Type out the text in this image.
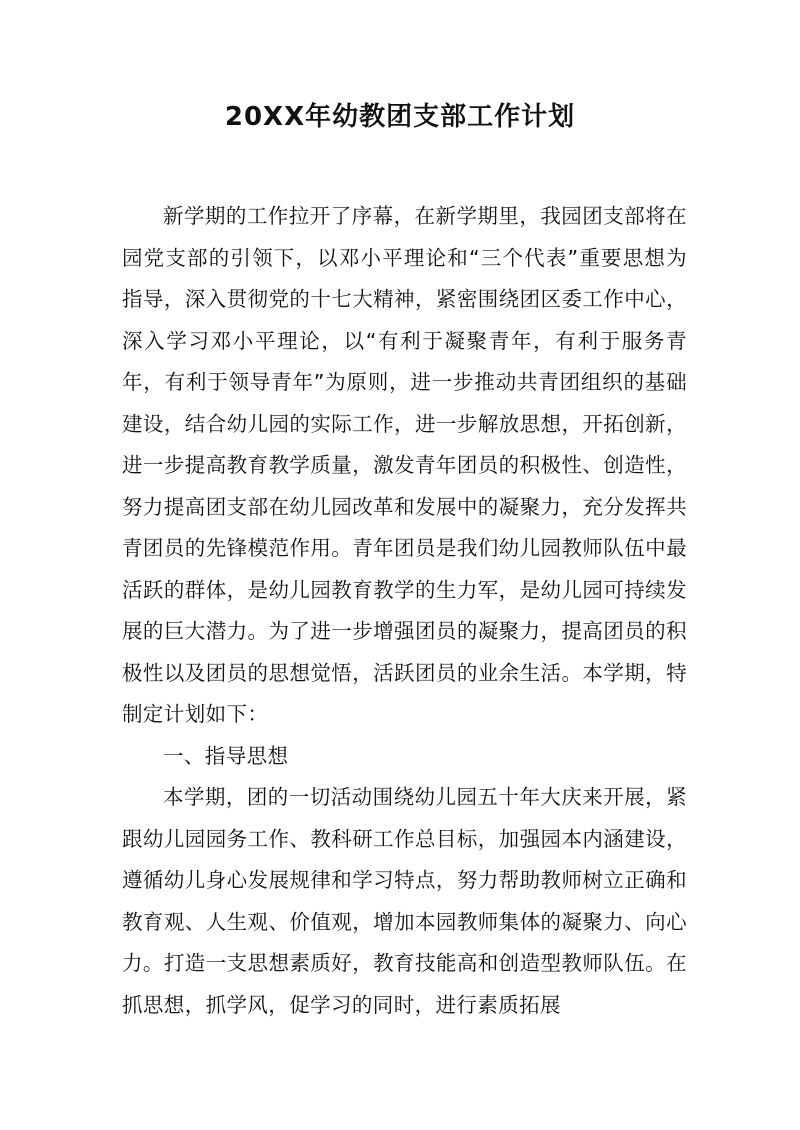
20XX年幼教团支部工作计划

新学期的工作拉开了序幕，在新学期里，我园团支部将在园党支部的引领下，以邓小平理论和“三个代表”重要思想为指导，深入贯彻党的十七大精神，紧密围绕团区委工作中心，深入学习邓小平理论，以“有利于凝聚青年，有利于服务青年，有利于领导青年”为原则，进一步推动共青团组织的基础建设，结合幼儿园的实际工作，进一步解放思想，开拓创新，进一步提高教育教学质量，激发青年团员的积极性、创造性，努力提高团支部在幼儿园改革和发展中的凝聚力，充分发挥共青团员的先锋模范作用。青年团员是我们幼儿园教师队伍中最活跃的群体，是幼儿园教育教学的生力军，是幼儿园可持续发展的巨大潜力。为了进一步增强团员的凝聚力，提高团员的积极性以及团员的思想觉悟，活跃团员的业余生活。本学期，特制定计划如下：

一、指导思想

本学期，团的一切活动围绕幼儿园五十年大庆来开展，紧跟幼儿园园务工作、教科研工作总目标，加强园本内涵建设，遵循幼儿身心发展规律和学习特点，努力帮助教师树立正确和教育观、人生观、价值观，增加本园教师集体的凝聚力、向心力。打造一支思想素质好，教育技能高和创造型教师队伍。在抓思想，抓学风，促学习的同时，进行素质拓展
